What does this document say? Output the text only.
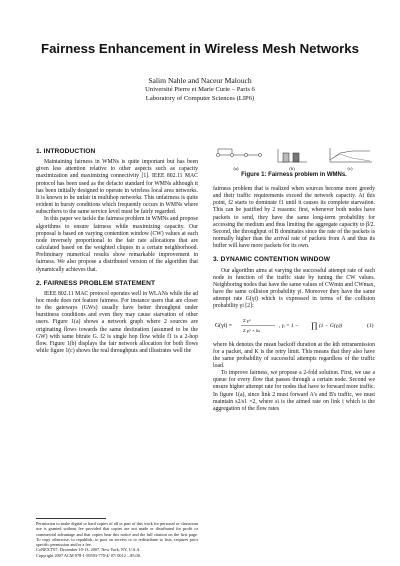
Fairness Enhancement in Wireless Mesh Networks
Salim Nahle and Naceur Malouch
Université Pierre et Marie Curie – Paris 6
Laboratory of Computer Sciences (LIP6)
1. INTRODUCTION

Maintaining fairness in WMNs is quite important but has been given less attention relative to other aspects such as capacity maximization and maximizing connectivity [1]. IEEE 802.11 MAC protocol has been used as the defacto standard for WMNs although it has been initially designed to operate in wireless local area networks. It is known to be unfair in multihop networks. This unfairness is quite evident in bursty conditions which frequently occurs in WMNs where subscribers to the same service level must be fairly regarded.

In this paper we tackle the fairness problem in WMNs and propose algorithms to ensure fairness while maximizing capacity. Our proposal is based on varying contention window (CW) values at each node inversely proportional to the fair rate allocations that are calculated based on the weighted cliques in a certain neighborhood. Preliminary numerical results show remarkable improvement in fairness. We also propose a distributed version of the algorithm that dynamically achieves that.

2. FAIRNESS PROBLEM STATEMENT

IEEE 802.11 MAC protocol operates well in WLANs while the ad hoc mode does not feature fairness. For instance users that are closer to the gateways (GWs) usually have better throughput under burstiness conditions and even they may cause starvation of other users. Figure 1(a) shows a network graph where 2 sources are originating flows towards the same destination (assumed to be the GW) with same bitrate G. f2 is single hop flow while f1 is a 2-hop flow. Figure 1(b) displays the fair network allocation for both flows while figure 1(c) shows the real throughputs and illustrates well the

Permission to make digital or hard copies of all or part of this work for personal or classroom use is granted without fee provided that copies are not made or distributed for profit or commercial advantage and that copies bear this notice and the full citation on the first page. To copy otherwise, to republish, to post on servers or to redistribute to lists, requires prior specific permission and/or a fee.
CoNEXT'07, December 10-13, 2007, New York, NY, U.S.A.
Copyright 2007 ACM 978-1-59593-770-4/ 07/ 0012 ...$5.00.
(a)	(b)	(c)
Figure 1: Fairness problem in WMNs.

fairness problem that is realized when sources become more greedy and their traffic requirements exceed the network capacity. At this point, f2 starts to dominate f1 until it causes its complete starvation. This can be justified by 2 reasons: first, whenever both nodes have packets to send, they have the same long-term probability for accessing the medium and thus limiting the aggregate capacity to β/2. Second, the throughput of B dominates since the rate of the packets is normally higher than the arrival rate of packets from A and thus its buffer will have more packets for its own.

3. DYNAMIC CONTENTION WINDOW

Our algorithm aims at varying the successful attempt rate of each node in function of the traffic state by tuning the CW values. Neighboring nodes that have the same values of CWmin and CWmax, have the same collision probability γi. Moreover they have the same attempt rate G(γi) which is expressed in terms of the collision probability γi [2]:

G(γi) =
Σ γᵢᵏ
Σ γᵢᵏ × bₖ
, γᵢ = 1 − ∏ (1 − G(γⱼ))	(1)

where bk denotes the mean backoff duration at the kth retransmission for a packet, and K is the retry limit. This means that they also have the same probability of successful attempts regardless of the traffic load.

To improve fairness, we propose a 2-fold solution. First, we use a queue for every flow that passes through a certain node. Second we ensure higher attempt rate for nodes that have to forward more traffic. In figure 1(a), since link 2 must forward A's and B's traffic, we must maintain s2/s1 =2, where si is the aimed rate on link i which is the aggregation of the flow rates
